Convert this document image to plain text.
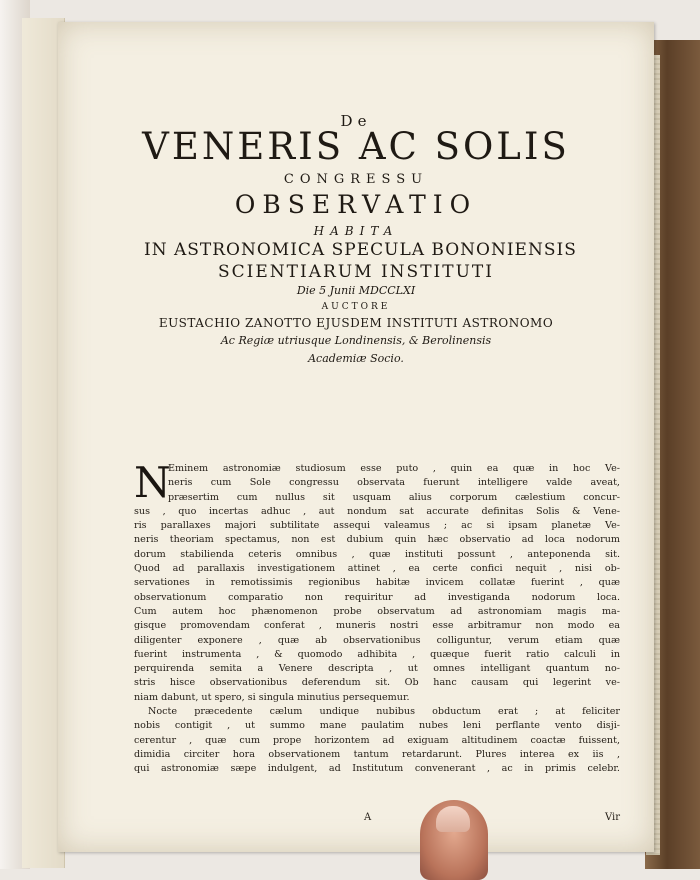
De
VENERIS AC SOLIS
CONGRESSU
OBSERVATIO
HABITA
IN ASTRONOMICA SPECULA BONONIENSIS
SCIENTIARUM INSTITUTI
Die 5 Junii MDCCLXI
AUCTORE
EUSTACHIO ZANOTTO EJUSDEM INSTITUTI ASTRONOMO
Ac Regiæ utriusque Londinensis, & Berolinensis
Academiæ Socio.
N
Eminem astronomiæ studiosum esse puto , quin ea quæ in hoc Ve-
neris cum Sole congressu observata fuerunt intelligere valde aveat,
præsertim cum nullus sit usquam alius corporum cælestium concur-
sus , quo incertas adhuc , aut nondum sat accurate definitas Solis & Vene-
ris parallaxes majori subtilitate assequi valeamus ; ac si ipsam planetæ Ve-
neris theoriam spectamus, non est dubium quin hæc observatio ad loca nodorum
dorum stabilienda ceteris omnibus , quæ instituti possunt , anteponenda sit.
Quod ad parallaxis investigationem attinet , ea certe confici nequit , nisi ob-
servationes in remotissimis regionibus habitæ invicem collatæ fuerint , quæ
observationum comparatio non requiritur ad investiganda nodorum loca.
Cum autem hoc phænomenon probe observatum ad astronomiam magis ma-
gisque promovendam conferat , muneris nostri esse arbitramur non modo ea
diligenter exponere , quæ ab observationibus colliguntur, verum etiam quæ
fuerint instrumenta , & quomodo adhibita , quæque fuerit ratio calculi in
perquirenda semita a Venere descripta , ut omnes intelligant quantum no-
stris hisce observationibus deferendum sit. Ob hanc causam qui legerint ve-
niam dabunt, ut spero, si singula minutius persequemur.
Nocte præcedente cælum undique nubibus obductum erat ; at feliciter
nobis contigit , ut summo mane paulatim nubes leni perflante vento disji-
cerentur , quæ cum prope horizontem ad exiguam altitudinem coactæ fuissent,
dimidia circiter hora observationem tantum retardarunt. Plures interea ex iis ,
qui astronomiæ sæpe indulgent, ad Institutum convenerant , ac in primis celebr.
A	Vir
